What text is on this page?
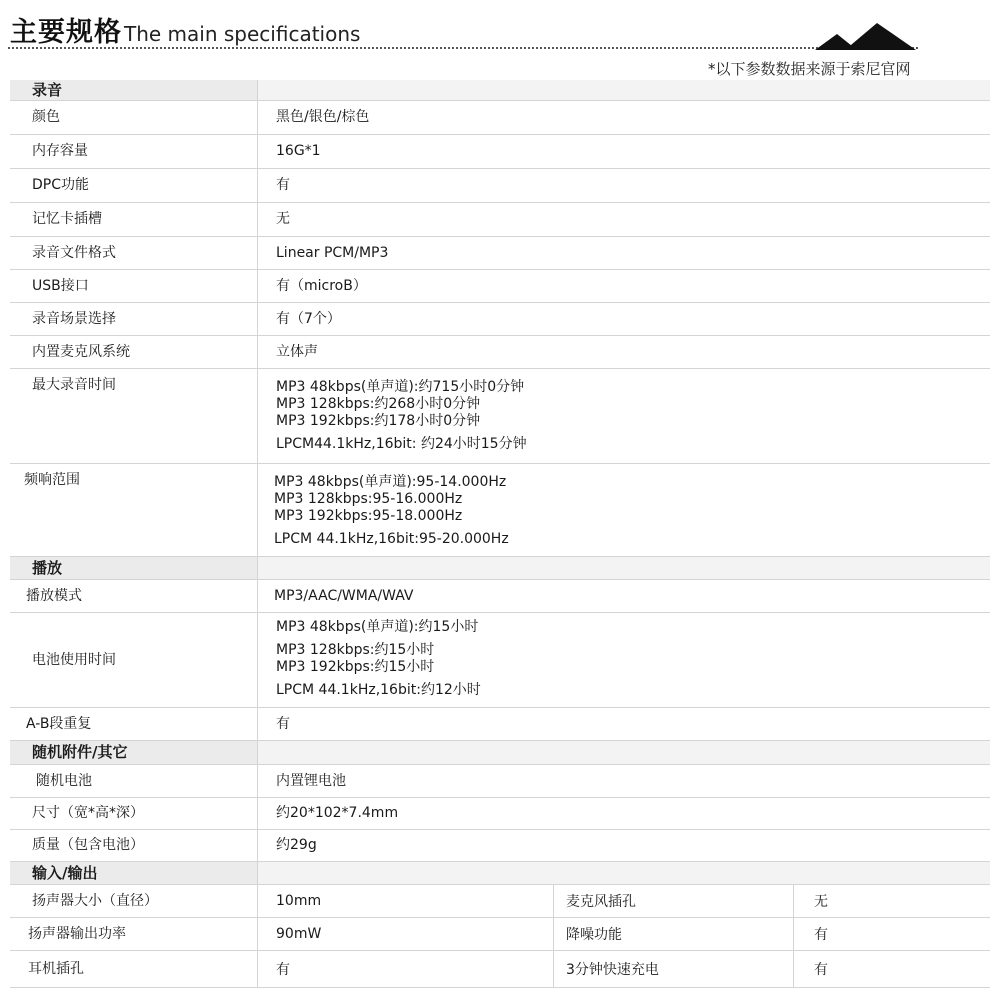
主要规格 The main specifications
*以下参数数据来源于索尼官网
录音
颜色	黑色/银色/棕色
内存容量	16G*1
DPC功能	有
记忆卡插槽	无
录音文件格式	Linear PCM/MP3
USB接口	有（microB）
录音场景选择	有（7个）
内置麦克风系统	立体声
最大录音时间	MP3 48kbps(单声道):约715小时0分钟
MP3 128kbps:约268小时0分钟
MP3 192kbps:约178小时0分钟
LPCM44.1kHz,16bit: 约24小时15分钟
频响范围	MP3 48kbps(单声道):95-14.000Hz
MP3 128kbps:95-16.000Hz
MP3 192kbps:95-18.000Hz
LPCM 44.1kHz,16bit:95-20.000Hz
播放
播放模式	MP3/AAC/WMA/WAV
电池使用时间
MP3 48kbps(单声道):约15小时
MP3 128kbps:约15小时
MP3 192kbps:约15小时
LPCM 44.1kHz,16bit:约12小时
A-B段重复	有
随机附件/其它
随机电池	内置锂电池
尺寸（宽*高*深）	约20*102*7.4mm
质量（包含电池）	约29g
输入/输出
扬声器大小（直径）	10mm	麦克风插孔	无
扬声器输出功率	90mW	降噪功能	有
耳机插孔	有	3分钟快速充电	有
